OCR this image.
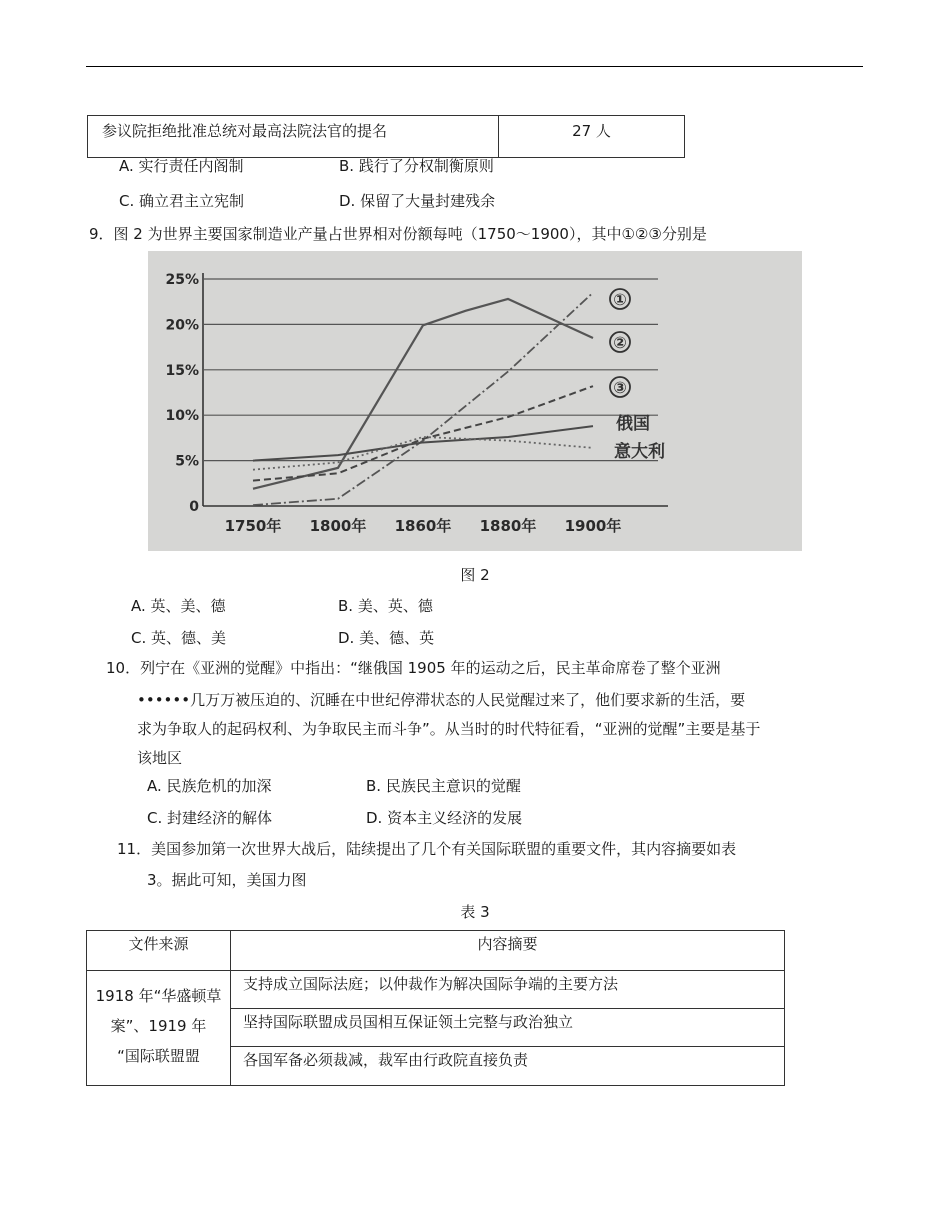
参议院拒绝批准总统对最高法院法官的提名	27 人
A. 实行责任内阁制	B. 践行了分权制衡原则
C. 确立君主立宪制	D. 保留了大量封建残余
9．图 2 为世界主要国家制造业产量占世界相对份额每吨（1750～1900），其中①②③分别是

0
5%
10%
15%
20%
25%
1750年 1800年 1860年 1880年 1900年
①
②
③
俄国
意大利
图 2
A. 英、美、德	B. 美、英、德
C. 英、德、美	D. 美、德、英
10．列宁在《亚洲的觉醒》中指出：“继俄国 1905 年的运动之后，民主革命席卷了整个亚洲
••••••几万万被压迫的、沉睡在中世纪停滞状态的人民觉醒过来了，他们要求新的生活，要
求为争取人的起码权利、为争取民主而斗争”。从当时的时代特征看，“亚洲的觉醒”主要是基于
该地区
A. 民族危机的加深	B. 民族民主意识的觉醒
C. 封建经济的解体	D. 资本主义经济的发展
11．美国参加第一次世界大战后，陆续提出了几个有关国际联盟的重要文件，其内容摘要如表
3。据此可知，美国力图
表 3
文件来源	内容摘要

1918 年“华盛顿草
案”、1919 年
“国际联盟盟	支持成立国际法庭；以仲裁作为解决国际争端的主要方法
	坚持国际联盟成员国相互保证领土完整与政治独立
	各国军备必须裁减，裁军由行政院直接负责
